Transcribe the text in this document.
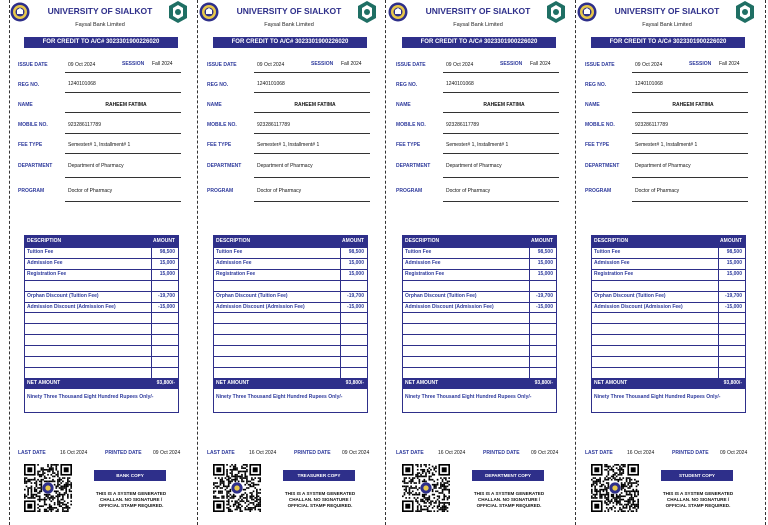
UNIVERSITY OF SIALKOT
Faysal Bank Limited
FOR CREDIT TO A/C# 3023301900226020
ISSUE DATE	09 Oct 2024	SESSION Fall 2024
REG NO.	1240101068
NAME	RAHEEM FATIMA
MOBILE NO.	923286117789
FEE TYPE	Semester# 1, Installment# 1
DEPARTMENT	Department of Pharmacy
PROGRAM	Doctor of Pharmacy
DESCRIPTION	AMOUNT
Tuition Fee	98,500
Admission Fee	15,000
Registration Fee	15,000
Orphan Discount (Tuition Fee)	-19,700
Admission Discount (Admission Fee)	-15,000
NET AMOUNT	93,800/-
Ninety Three Thousand Eight Hundred Rupees Only/-
LAST DATE	16 Oct 2024	PRINTED DATE 09 Oct 2024
BANK COPY
THIS IS A SYSTEM GENERATED CHALLAN. NO SIGNATURE / OFFICIAL STAMP REQUIRED.
UNIVERSITY OF SIALKOT
Faysal Bank Limited
FOR CREDIT TO A/C# 3023301900226020
ISSUE DATE	09 Oct 2024	SESSION Fall 2024
REG NO.	1240101068
NAME	RAHEEM FATIMA
MOBILE NO.	923286117789
FEE TYPE	Semester# 1, Installment# 1
DEPARTMENT	Department of Pharmacy
PROGRAM	Doctor of Pharmacy
DESCRIPTION	AMOUNT
Tuition Fee	98,500
Admission Fee	15,000
Registration Fee	15,000
Orphan Discount (Tuition Fee)	-19,700
Admission Discount (Admission Fee)	-15,000
NET AMOUNT	93,800/-
Ninety Three Thousand Eight Hundred Rupees Only/-
LAST DATE	16 Oct 2024	PRINTED DATE 09 Oct 2024
TREASURER COPY
THIS IS A SYSTEM GENERATED CHALLAN. NO SIGNATURE / OFFICIAL STAMP REQUIRED.
UNIVERSITY OF SIALKOT
Faysal Bank Limited
FOR CREDIT TO A/C# 3023301900226020
ISSUE DATE	09 Oct 2024	SESSION Fall 2024
REG NO.	1240101068
NAME	RAHEEM FATIMA
MOBILE NO.	923286117789
FEE TYPE	Semester# 1, Installment# 1
DEPARTMENT	Department of Pharmacy
PROGRAM	Doctor of Pharmacy
DESCRIPTION	AMOUNT
Tuition Fee	98,500
Admission Fee	15,000
Registration Fee	15,000
Orphan Discount (Tuition Fee)	-19,700
Admission Discount (Admission Fee)	-15,000
NET AMOUNT	93,800/-
Ninety Three Thousand Eight Hundred Rupees Only/-
LAST DATE	16 Oct 2024	PRINTED DATE 09 Oct 2024
DEPARTMENT COPY
THIS IS A SYSTEM GENERATED CHALLAN. NO SIGNATURE / OFFICIAL STAMP REQUIRED.
UNIVERSITY OF SIALKOT
Faysal Bank Limited
FOR CREDIT TO A/C# 3023301900226020
ISSUE DATE	09 Oct 2024	SESSION Fall 2024
REG NO.	1240101068
NAME	RAHEEM FATIMA
MOBILE NO.	923286117789
FEE TYPE	Semester# 1, Installment# 1
DEPARTMENT	Department of Pharmacy
PROGRAM	Doctor of Pharmacy
DESCRIPTION	AMOUNT
Tuition Fee	98,500
Admission Fee	15,000
Registration Fee	15,000
Orphan Discount (Tuition Fee)	-19,700
Admission Discount (Admission Fee)	-15,000
NET AMOUNT	93,800/-
Ninety Three Thousand Eight Hundred Rupees Only/-
LAST DATE	16 Oct 2024	PRINTED DATE 09 Oct 2024
STUDENT COPY
THIS IS A SYSTEM GENERATED CHALLAN. NO SIGNATURE / OFFICIAL STAMP REQUIRED.
